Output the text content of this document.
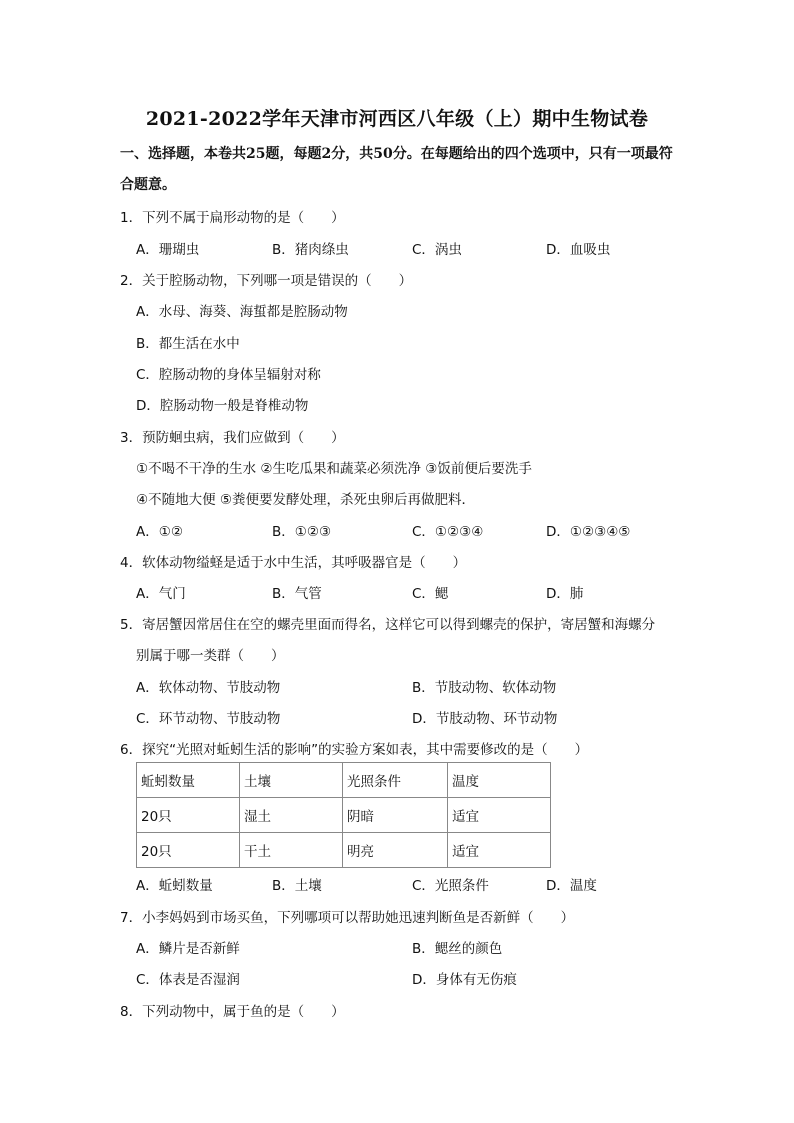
2021-2022学年天津市河西区八年级（上）期中生物试卷
一、选择题，本卷共25题，每题2分，共50分。在每题给出的四个选项中，只有一项最符合题意。
1．下列不属于扁形动物的是（　　）
A．珊瑚虫	B．猪肉绦虫	C．涡虫	D．血吸虫
2．关于腔肠动物，下列哪一项是错误的（　　）
A．水母、海葵、海蜇都是腔肠动物
B．都生活在水中
C．腔肠动物的身体呈辐射对称
D．腔肠动物一般是脊椎动物
3．预防蛔虫病，我们应做到（　　）
①不喝不干净的生水 ②生吃瓜果和蔬菜必须洗净 ③饭前便后要洗手
④不随地大便 ⑤粪便要发酵处理，杀死虫卵后再做肥料．
A．①②	B．①②③	C．①②③④	D．①②③④⑤
4．软体动物缢蛏是适于水中生活，其呼吸器官是（　　）
A．气门	B．气管	C．鳃	D．肺
5．寄居蟹因常居住在空的螺壳里面而得名，这样它可以得到螺壳的保护，寄居蟹和海螺分
别属于哪一类群（　　）
A．软体动物、节肢动物	B．节肢动物、软体动物
C．环节动物、节肢动物	D．节肢动物、环节动物
6．探究“光照对蚯蚓生活的影响”的实验方案如表，其中需要修改的是（　　）
蚯蚓数量	土壤	光照条件	温度
20只	湿土	阴暗	适宜
20只	干土	明亮	适宜
A．蚯蚓数量	B．土壤	C．光照条件	D．温度
7．小李妈妈到市场买鱼，下列哪项可以帮助她迅速判断鱼是否新鲜（　　）
A．鳞片是否新鲜	B．鳃丝的颜色
C．体表是否湿润	D．身体有无伤痕
8．下列动物中，属于鱼的是（　　）
